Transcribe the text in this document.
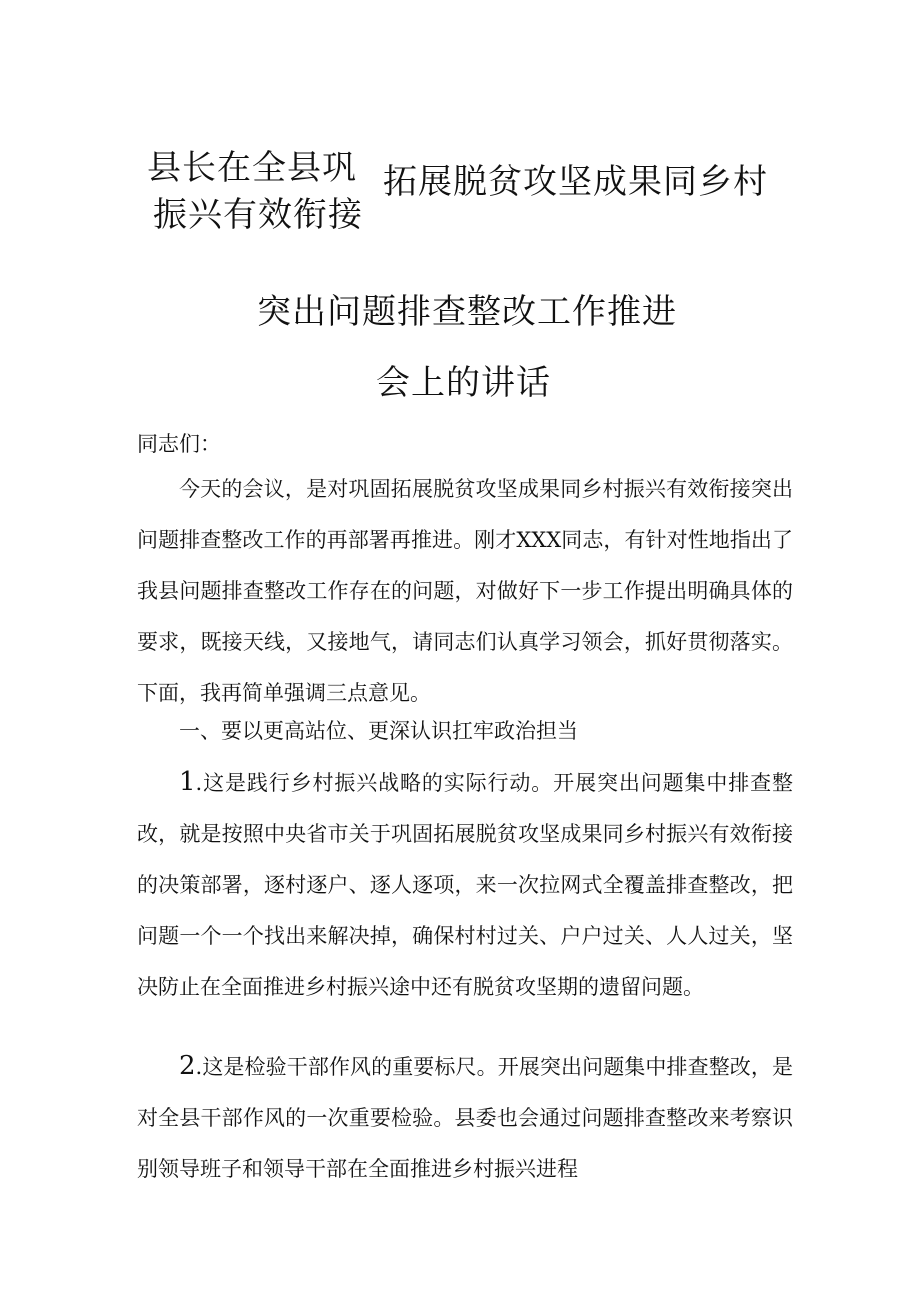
县长在全县巩 拓展脱贫攻坚成果同乡村
振兴有效衔接
突出问题排查整改工作推进
会上的讲话
同志们：

今天的会议，是对巩固拓展脱贫攻坚成果同乡村振兴有效衔接突出问题排查整改工作的再部署再推进。刚才XXX同志，有针对性地指出了我县问题排查整改工作存在的问题，对做好下一步工作提出明确具体的要求，既接天线，又接地气，请同志们认真学习领会，抓好贯彻落实。下面，我再简单强调三点意见。

一、要以更高站位、更深认识扛牢政治担当

1.这是践行乡村振兴战略的实际行动。开展突出问题集中排查整改，就是按照中央省市关于巩固拓展脱贫攻坚成果同乡村振兴有效衔接的决策部署，逐村逐户、逐人逐项，来一次拉网式全覆盖排查整改，把问题一个一个找出来解决掉，确保村村过关、户户过关、人人过关，坚决防止在全面推进乡村振兴途中还有脱贫攻坚期的遗留问题。

2.这是检验干部作风的重要标尺。开展突出问题集中排查整改，是对全县干部作风的一次重要检验。县委也会通过问题排查整改来考察识别领导班子和领导干部在全面推进乡村振兴进程
